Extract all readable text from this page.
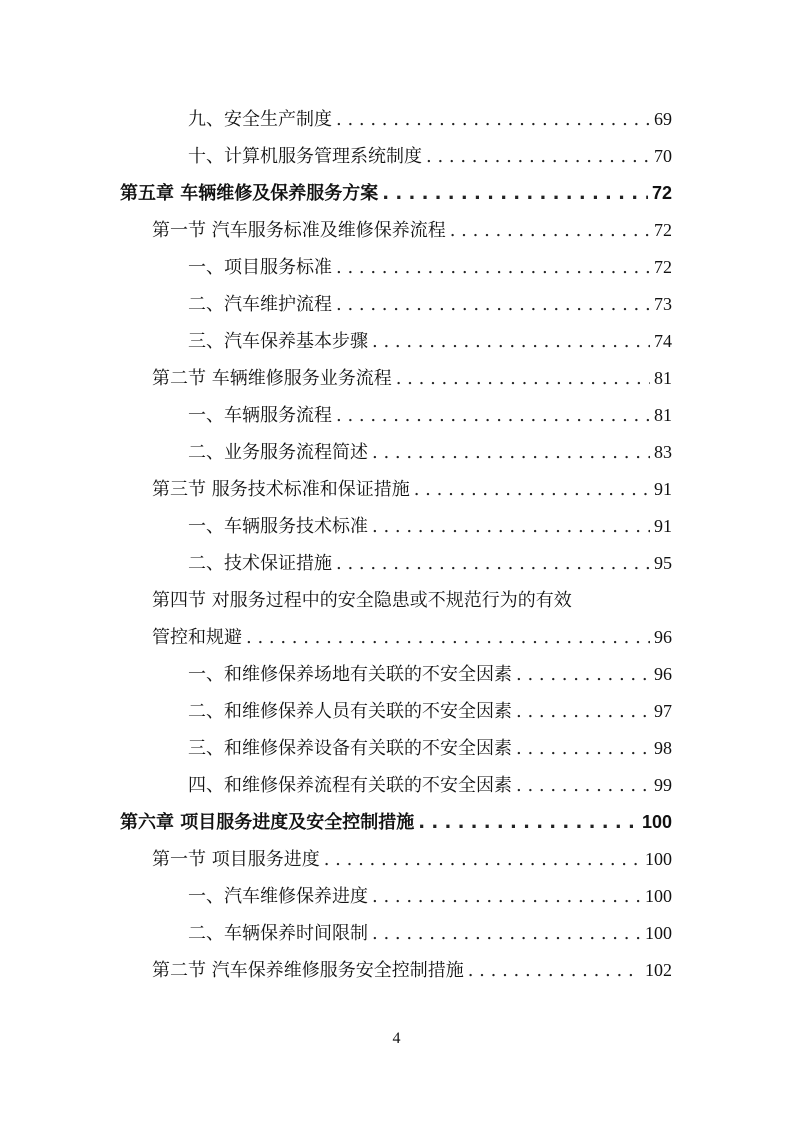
九、安全生产制度 . . .	69
十、计算机服务管理系统制度 . . .	70
第五章 车辆维修及保养服务方案 . . .	72
第一节 汽车服务标准及维修保养流程 . . .	72
一、项目服务标准 . . .	72
二、汽车维护流程 . . .	73
三、汽车保养基本步骤 . . .	74
第二节 车辆维修服务业务流程 . . .	81
一、车辆服务流程 . . .	81
二、业务服务流程简述 . . .	83
第三节 服务技术标准和保证措施 . . .	91
一、车辆服务技术标准 . . .	91
二、技术保证措施 . . .	95
第四节 对服务过程中的安全隐患或不规范行为的有效
管控和规避 . . .	96
一、和维修保养场地有关联的不安全因素 . . .	96
二、和维修保养人员有关联的不安全因素 . . .	97
三、和维修保养设备有关联的不安全因素 . . .	98
四、和维修保养流程有关联的不安全因素 . . .	99
第六章 项目服务进度及安全控制措施 . . .	100
第一节 项目服务进度 . . .	100
一、汽车维修保养进度 . . .	100
二、车辆保养时间限制 . . .	100
第二节 汽车保养维修服务安全控制措施 . . .	102
4
